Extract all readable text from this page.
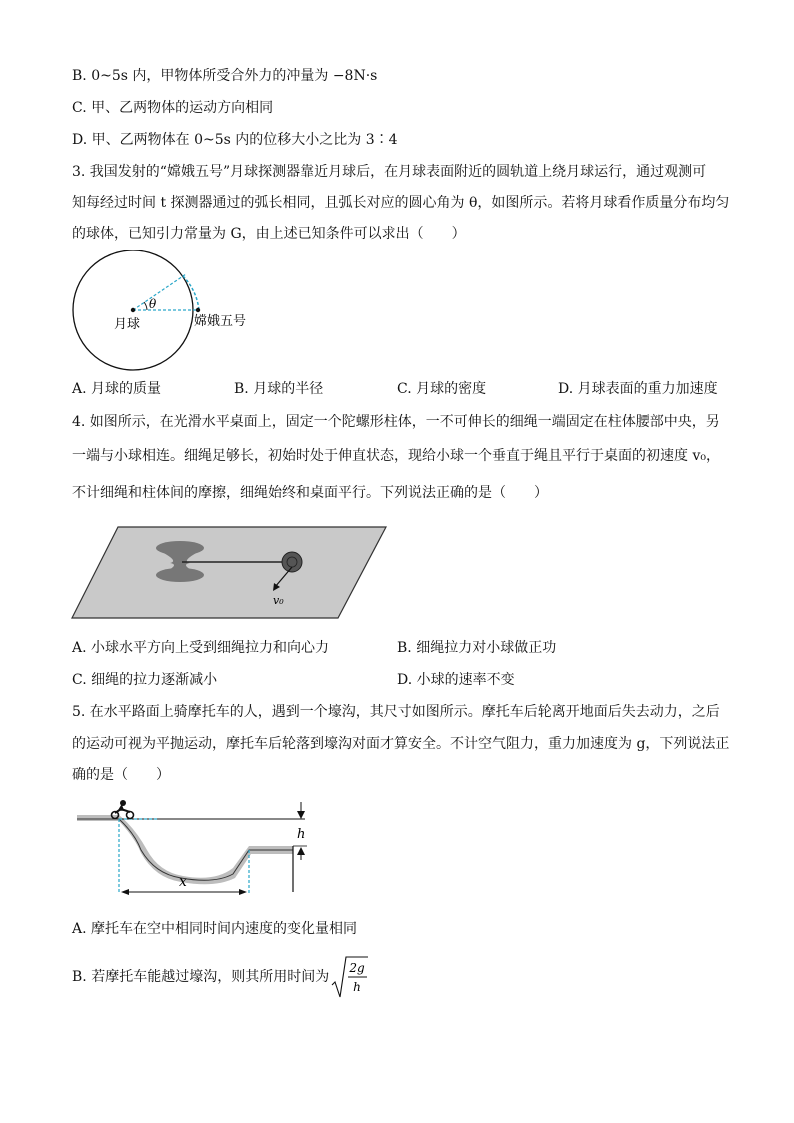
B. 0~5s 内，甲物体所受合外力的冲量为 −8N·s
C. 甲、乙两物体的运动方向相同
D. 甲、乙两物体在 0~5s 内的位移大小之比为 3∶4
3. 我国发射的“嫦娥五号”月球探测器靠近月球后，在月球表面附近的圆轨道上绕月球运行，通过观测可
知每经过时间 t 探测器通过的弧长相同，且弧长对应的圆心角为 θ，如图所示。若将月球看作质量分布均匀
的球体，已知引力常量为 G，由上述已知条件可以求出（　　）
θ
月球	嫦娥五号
A. 月球的质量	B. 月球的半径	C. 月球的密度	D. 月球表面的重力加速度
4. 如图所示，在光滑水平桌面上，固定一个陀螺形柱体，一不可伸长的细绳一端固定在柱体腰部中央，另
一端与小球相连。细绳足够长，初始时处于伸直状态，现给小球一个垂直于绳且平行于桌面的初速度 v₀，
不计细绳和柱体间的摩擦，细绳始终和桌面平行。下列说法正确的是（　　）
v₀
A. 小球水平方向上受到细绳拉力和向心力	B. 细绳拉力对小球做正功
C. 细绳的拉力逐渐减小	D. 小球的速率不变
5. 在水平路面上骑摩托车的人，遇到一个壕沟，其尺寸如图所示。摩托车后轮离开地面后失去动力，之后
的运动可视为平抛运动，摩托车后轮落到壕沟对面才算安全。不计空气阻力，重力加速度为 g，下列说法正
确的是（　　）
h
x
A. 摩托车在空中相同时间内速度的变化量相同
B. 若摩托车能越过壕沟，则其所用时间为
2g
h
